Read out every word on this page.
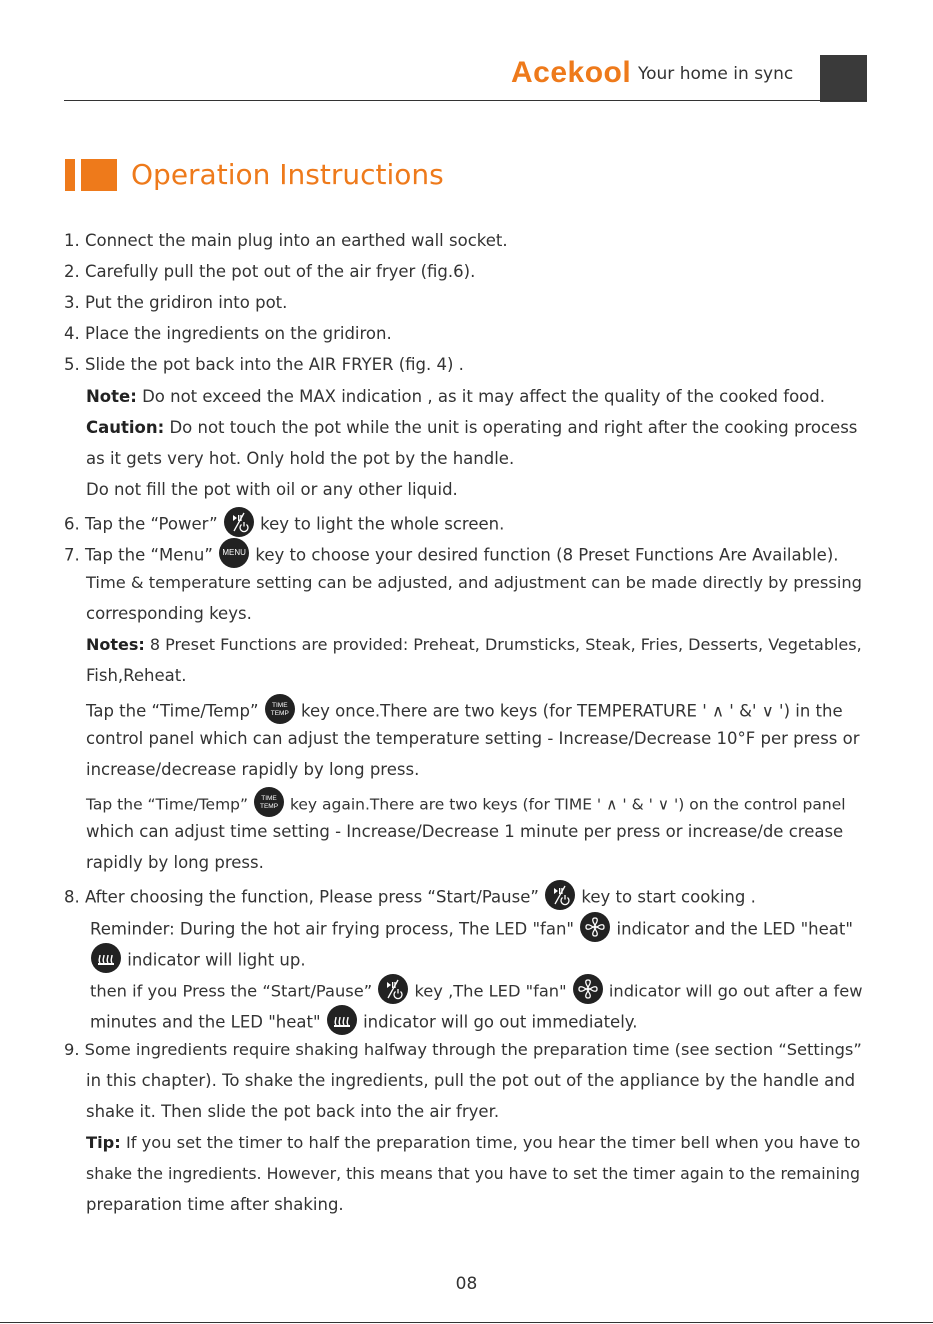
Acekool Your home in sync
Operation Instructions
1. Connect the main plug into an earthed wall socket.
2. Carefully pull the pot out of the air fryer (fig.6).
3. Put the gridiron into pot.
4. Place the ingredients on the gridiron.
5. Slide the pot back into the AIR FRYER (fig. 4) .
Note: Do not exceed the MAX indication , as it may affect the quality of the cooked food.
Caution: Do not touch the pot while the unit is operating and right after the cooking process
as it gets very hot. Only hold the pot by the handle.
Do not fill the pot with oil or any other liquid.
6. Tap the “Power”	key to light the whole screen.
7. Tap the “Menu” MENU key to choose your desired function (8 Preset Functions Are Available).
Time & temperature setting can be adjusted, and adjustment can be made directly by pressing
corresponding keys.
Notes: 8 Preset Functions are provided: Preheat, Drumsticks, Steak, Fries, Desserts, Vegetables,
Fish,Reheat.
Tap the “Time/Temp”	TIME
TEMP key once.There are two keys (for TEMPERATURE ' ∧ ' &' ∨ ') in the
control panel which can adjust the temperature setting - Increase/Decrease 10°F per press or
increase/decrease rapidly by long press.
Tap the “Time/Temp”	TIME
TEMP key again.There are two keys (for TIME ' ∧ ' & ' ∨ ') on the control panel
which can adjust time setting - Increase/Decrease 1 minute per press or increase/de crease
rapidly by long press.
8. After choosing the function, Please press “Start/Pause”	key to start cooking .
Reminder: During the hot air frying process, The LED "fan"	indicator and the LED "heat"
indicator will light up.
then if you Press the “Start/Pause”	key ,The LED "fan"	indicator will go out after a few
minutes and the LED "heat"	indicator will go out immediately.
9. Some ingredients require shaking halfway through the preparation time (see section “Settings”
in this chapter). To shake the ingredients, pull the pot out of the appliance by the handle and
shake it. Then slide the pot back into the air fryer.
Tip: If you set the timer to half the preparation time, you hear the timer bell when you have to
shake the ingredients. However, this means that you have to set the timer again to the remaining
preparation time after shaking.
08
